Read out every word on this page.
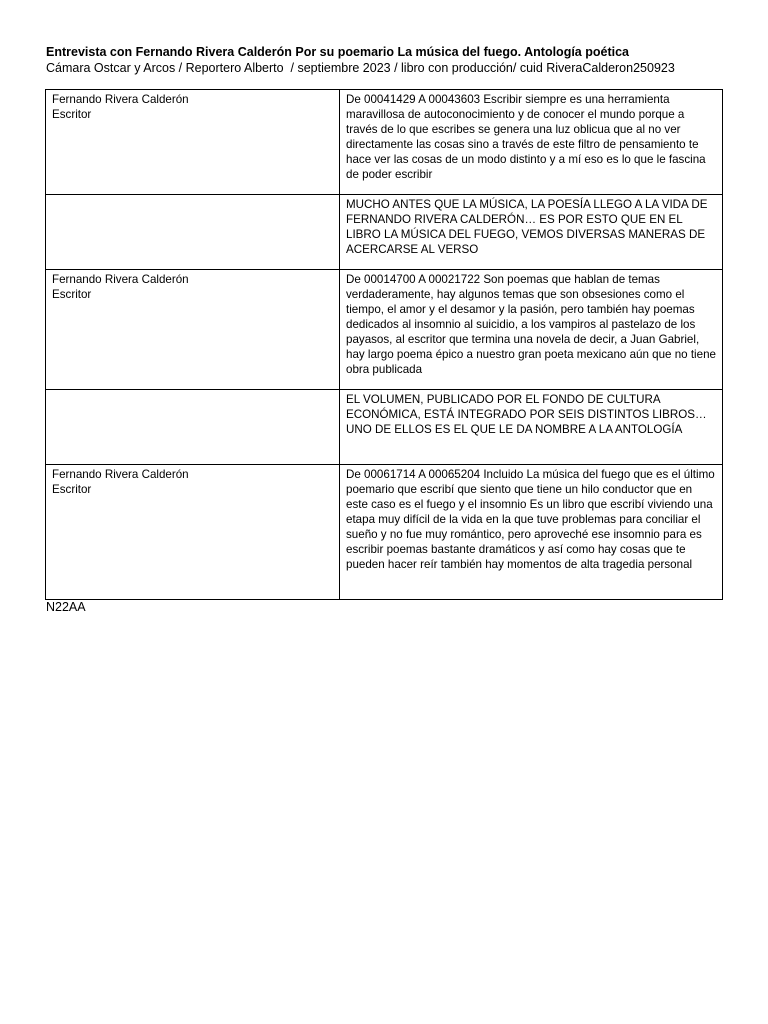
Entrevista con Fernando Rivera Calderón Por su poemario La música del fuego. Antología poética
Cámara Ostcar y Arcos / Reportero Alberto  / septiembre 2023 / libro con producción/ cuid RiveraCalderon250923
Fernando Rivera Calderón
Escritor	De 00041429 A 00043603 Escribir siempre es una herramienta maravillosa de autoconocimiento y de conocer el mundo porque a través de lo que escribes se genera una luz oblicua que al no ver directamente las cosas sino a través de este filtro de pensamiento te hace ver las cosas de un modo distinto y a mí eso es lo que le fascina de poder escribir

	MUCHO ANTES QUE LA MÚSICA, LA POESÍA LLEGO A LA VIDA DE FERNANDO RIVERA CALDERÓN… ES POR ESTO QUE EN EL LIBRO LA MÚSICA DEL FUEGO, VEMOS DIVERSAS MANERAS DE ACERCARSE AL VERSO

Fernando Rivera Calderón
Escritor	De 00014700 A 00021722 Son poemas que hablan de temas verdaderamente, hay algunos temas que son obsesiones como el tiempo, el amor y el desamor y la pasión, pero también hay poemas dedicados al insomnio al suicidio, a los vampiros al pastelazo de los payasos, al escritor que termina una novela de decir, a Juan Gabriel, hay largo poema épico a nuestro gran poeta mexicano aún que no tiene obra publicada

	EL VOLUMEN, PUBLICADO POR EL FONDO DE CULTURA ECONÓMICA, ESTÁ INTEGRADO POR SEIS DISTINTOS LIBROS… UNO DE ELLOS ES EL QUE LE DA NOMBRE A LA ANTOLOGÍA

Fernando Rivera Calderón
Escritor	De 00061714 A 00065204 Incluido La música del fuego que es el último poemario que escribí que siento que tiene un hilo conductor que en este caso es el fuego y el insomnio Es un libro que escribí viviendo una etapa muy difícil de la vida en la que tuve problemas para conciliar el sueño y no fue muy romántico, pero aproveché ese insomnio para es escribir poemas bastante dramáticos y así como hay cosas que te pueden hacer reír también hay momentos de alta tragedia personal
N22AA
